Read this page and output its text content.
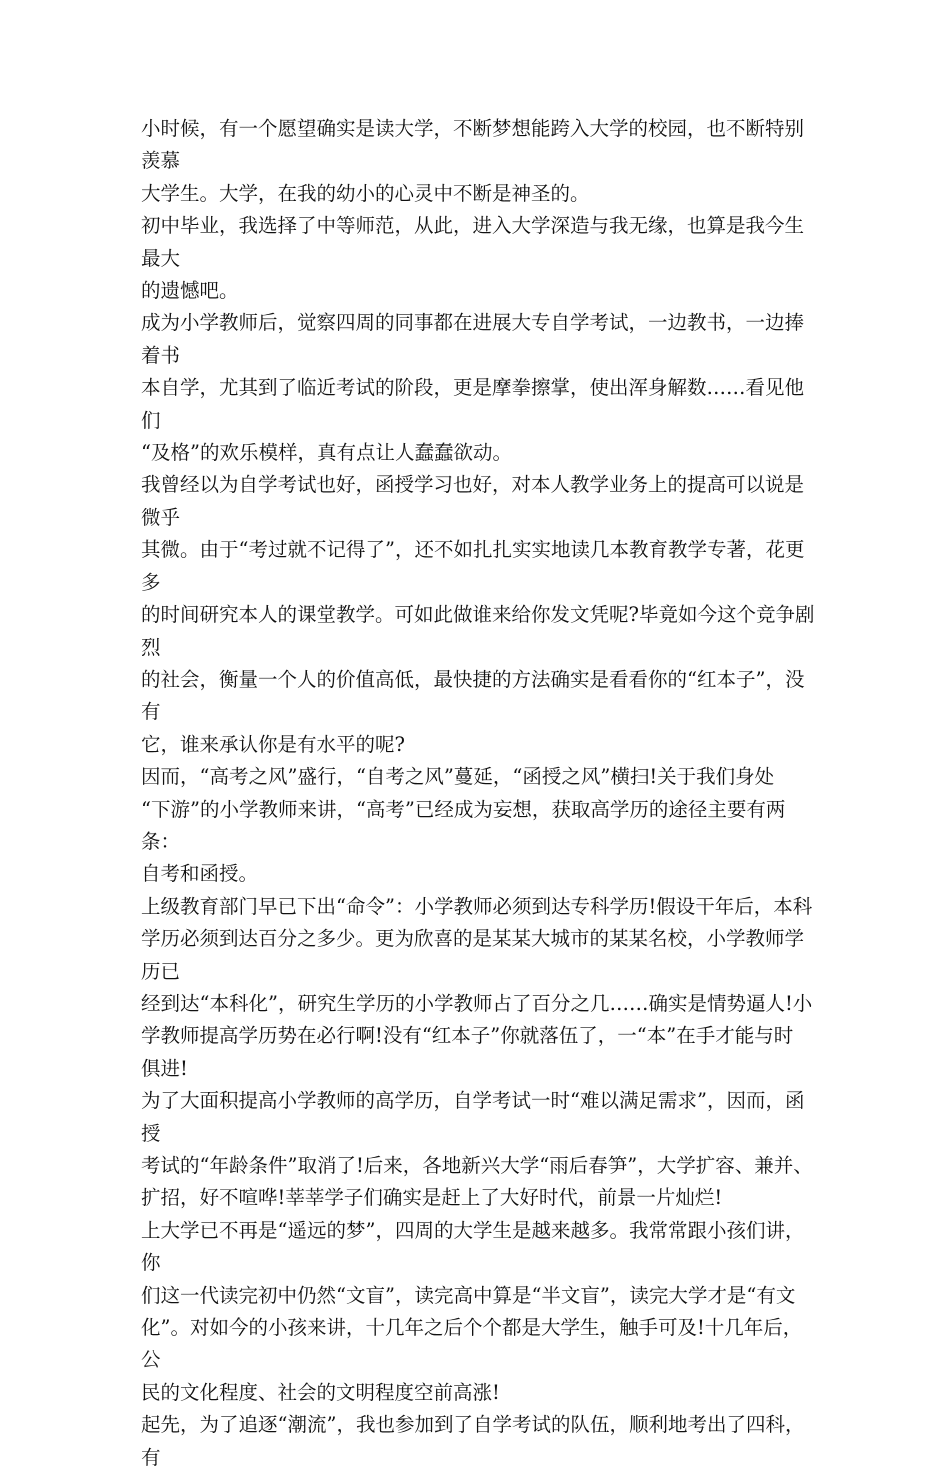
小时候，有一个愿望确实是读大学，不断梦想能跨入大学的校园，也不断特别羡慕
大学生。大学，在我的幼小的心灵中不断是神圣的。

初中毕业，我选择了中等师范，从此，进入大学深造与我无缘，也算是我今生最大
的遗憾吧。

成为小学教师后，觉察四周的同事都在进展大专自学考试，一边教书，一边捧着书
本自学，尤其到了临近考试的阶段，更是摩拳擦掌，使出浑身解数……看见他们
“及格”的欢乐模样，真有点让人蠢蠢欲动。

我曾经以为自学考试也好，函授学习也好，对本人教学业务上的提高可以说是微乎
其微。由于“考过就不记得了”，还不如扎扎实实地读几本教育教学专著，花更多
的时间研究本人的课堂教学。可如此做谁来给你发文凭呢?毕竟如今这个竞争剧烈
的社会，衡量一个人的价值高低，最快捷的方法确实是看看你的“红本子”，没有
它，谁来承认你是有水平的呢?

因而，“高考之风”盛行，“自考之风”蔓延，“函授之风”横扫!关于我们身处
“下游”的小学教师来讲，“高考”已经成为妄想，获取高学历的途径主要有两条：
自考和函授。

上级教育部门早已下出“命令”：小学教师必须到达专科学历!假设干年后，本科
学历必须到达百分之多少。更为欣喜的是某某大城市的某某名校，小学教师学历已
经到达“本科化”，研究生学历的小学教师占了百分之几……确实是情势逼人!小
学教师提高学历势在必行啊!没有“红本子”你就落伍了，一“本”在手才能与时
俱进!

为了大面积提高小学教师的高学历，自学考试一时“难以满足需求”，因而，函授
考试的“年龄条件”取消了!后来，各地新兴大学“雨后春笋”，大学扩容、兼并、
扩招，好不喧哗!莘莘学子们确实是赶上了大好时代，前景一片灿烂!

上大学已不再是“遥远的梦”，四周的大学生是越来越多。我常常跟小孩们讲，你
们这一代读完初中仍然“文盲”，读完高中算是“半文盲”，读完大学才是“有文
化”。对如今的小孩来讲，十几年之后个个都是大学生，触手可及!十几年后，公
民的文化程度、社会的文明程度空前高涨!

起先，为了追逐“潮流”，我也参加到了自学考试的队伍，顺利地考出了四科，有
